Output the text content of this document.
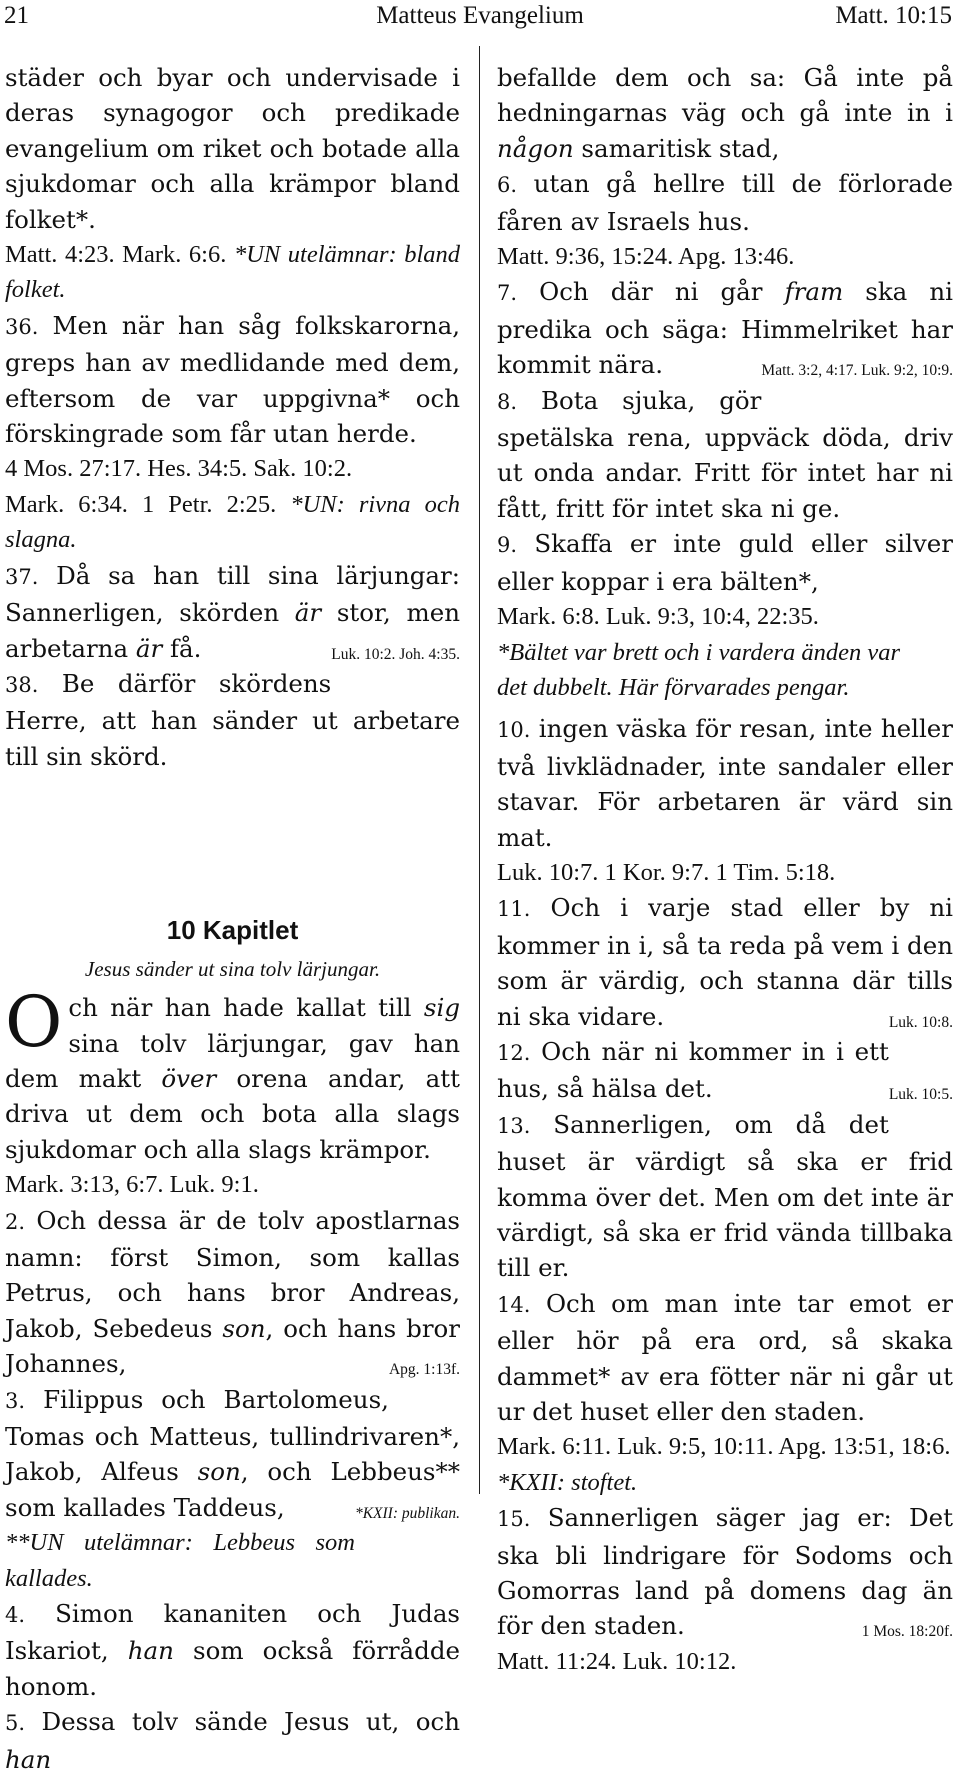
21	Matteus Evangelium	Matt. 10:15

städer och byar och undervisade i deras synagogor och predikade evangelium om riket och botade alla sjukdomar och alla krämpor bland folket*.

Matt. 4:23. Mark. 6:6. *UN utelämnar: bland folket.

36. Men när han såg folkskarorna, greps han av medlidande med dem, eftersom de var uppgivna* och förskingrade som får utan herde.

4 Mos. 27:17. Hes. 34:5. Sak. 10:2.

Mark. 6:34. 1 Petr. 2:25. *UN: rivna och slagna.

37. Då sa han till sina lärjungar: Sannerligen, skörden är stor, men arbetarna är få.	Luk. 10:2. Joh. 4:35.

38. Be därför skördens Herre, att han sänder ut arbetare till sin skörd.

10 Kapitlet
Jesus sänder ut sina tolv lärjungar.

Och när han hade kallat till sig sina tolv lärjungar, gav han dem makt över orena andar, att driva ut dem och bota alla slags sjukdomar och alla slags krämpor.

Mark. 3:13, 6:7. Luk. 9:1.

2. Och dessa är de tolv apostlarnas namn: först Simon, som kallas Petrus, och hans bror Andreas, Jakob, Sebedeus son, och hans bror Johannes,	Apg. 1:13f.

3. Filippus och Bartolomeus, Tomas och Matteus, tullindrivaren*, Jakob, Alfeus son, och Lebbeus** som kallades Taddeus,	*KXII: publikan.

**UN utelämnar: Lebbeus som kallades.

4. Simon kananiten och Judas Iskariot, han som också förrådde honom.

5. Dessa tolv sände Jesus ut, och han

befallde dem och sa: Gå inte på hedningarnas väg och gå inte in i någon samaritisk stad,

6. utan gå hellre till de förlorade fåren av Israels hus.

Matt. 9:36, 15:24. Apg. 13:46.

7. Och där ni går fram ska ni predika och säga: Himmelriket har kommit nära.	Matt. 3:2, 4:17. Luk. 9:2, 10:9.

8. Bota sjuka, gör spetälska rena, uppväck döda, driv ut onda andar. Fritt för intet har ni fått, fritt för intet ska ni ge.

9. Skaffa er inte guld eller silver eller koppar i era bälten*,

Mark. 6:8. Luk. 9:3, 10:4, 22:35.

*Bältet var brett och i vardera änden var

det dubbelt. Här förvarades pengar.

10. ingen väska för resan, inte heller två livklädnader, inte sandaler eller stavar. För arbetaren är värd sin mat.

Luk. 10:7. 1 Kor. 9:7. 1 Tim. 5:18.

11. Och i varje stad eller by ni kommer in i, så ta reda på vem i den som är värdig, och stanna där tills ni ska vidare.	Luk. 10:8.

12. Och när ni kommer in i ett hus, så hälsa det.	Luk. 10:5.

13. Sannerligen, om då det huset är värdigt så ska er frid komma över det. Men om det inte är värdigt, så ska er frid vända tillbaka till er.

14. Och om man inte tar emot er eller hör på era ord, så skaka dammet* av era fötter när ni går ut ur det huset eller den staden.

Mark. 6:11. Luk. 9:5, 10:11. Apg. 13:51, 18:6.

*KXII: stoftet.

15. Sannerligen säger jag er: Det ska bli lindrigare för Sodoms och Gomorras land på domens dag än för den staden.	1 Mos. 18:20f.

Matt. 11:24. Luk. 10:12.
